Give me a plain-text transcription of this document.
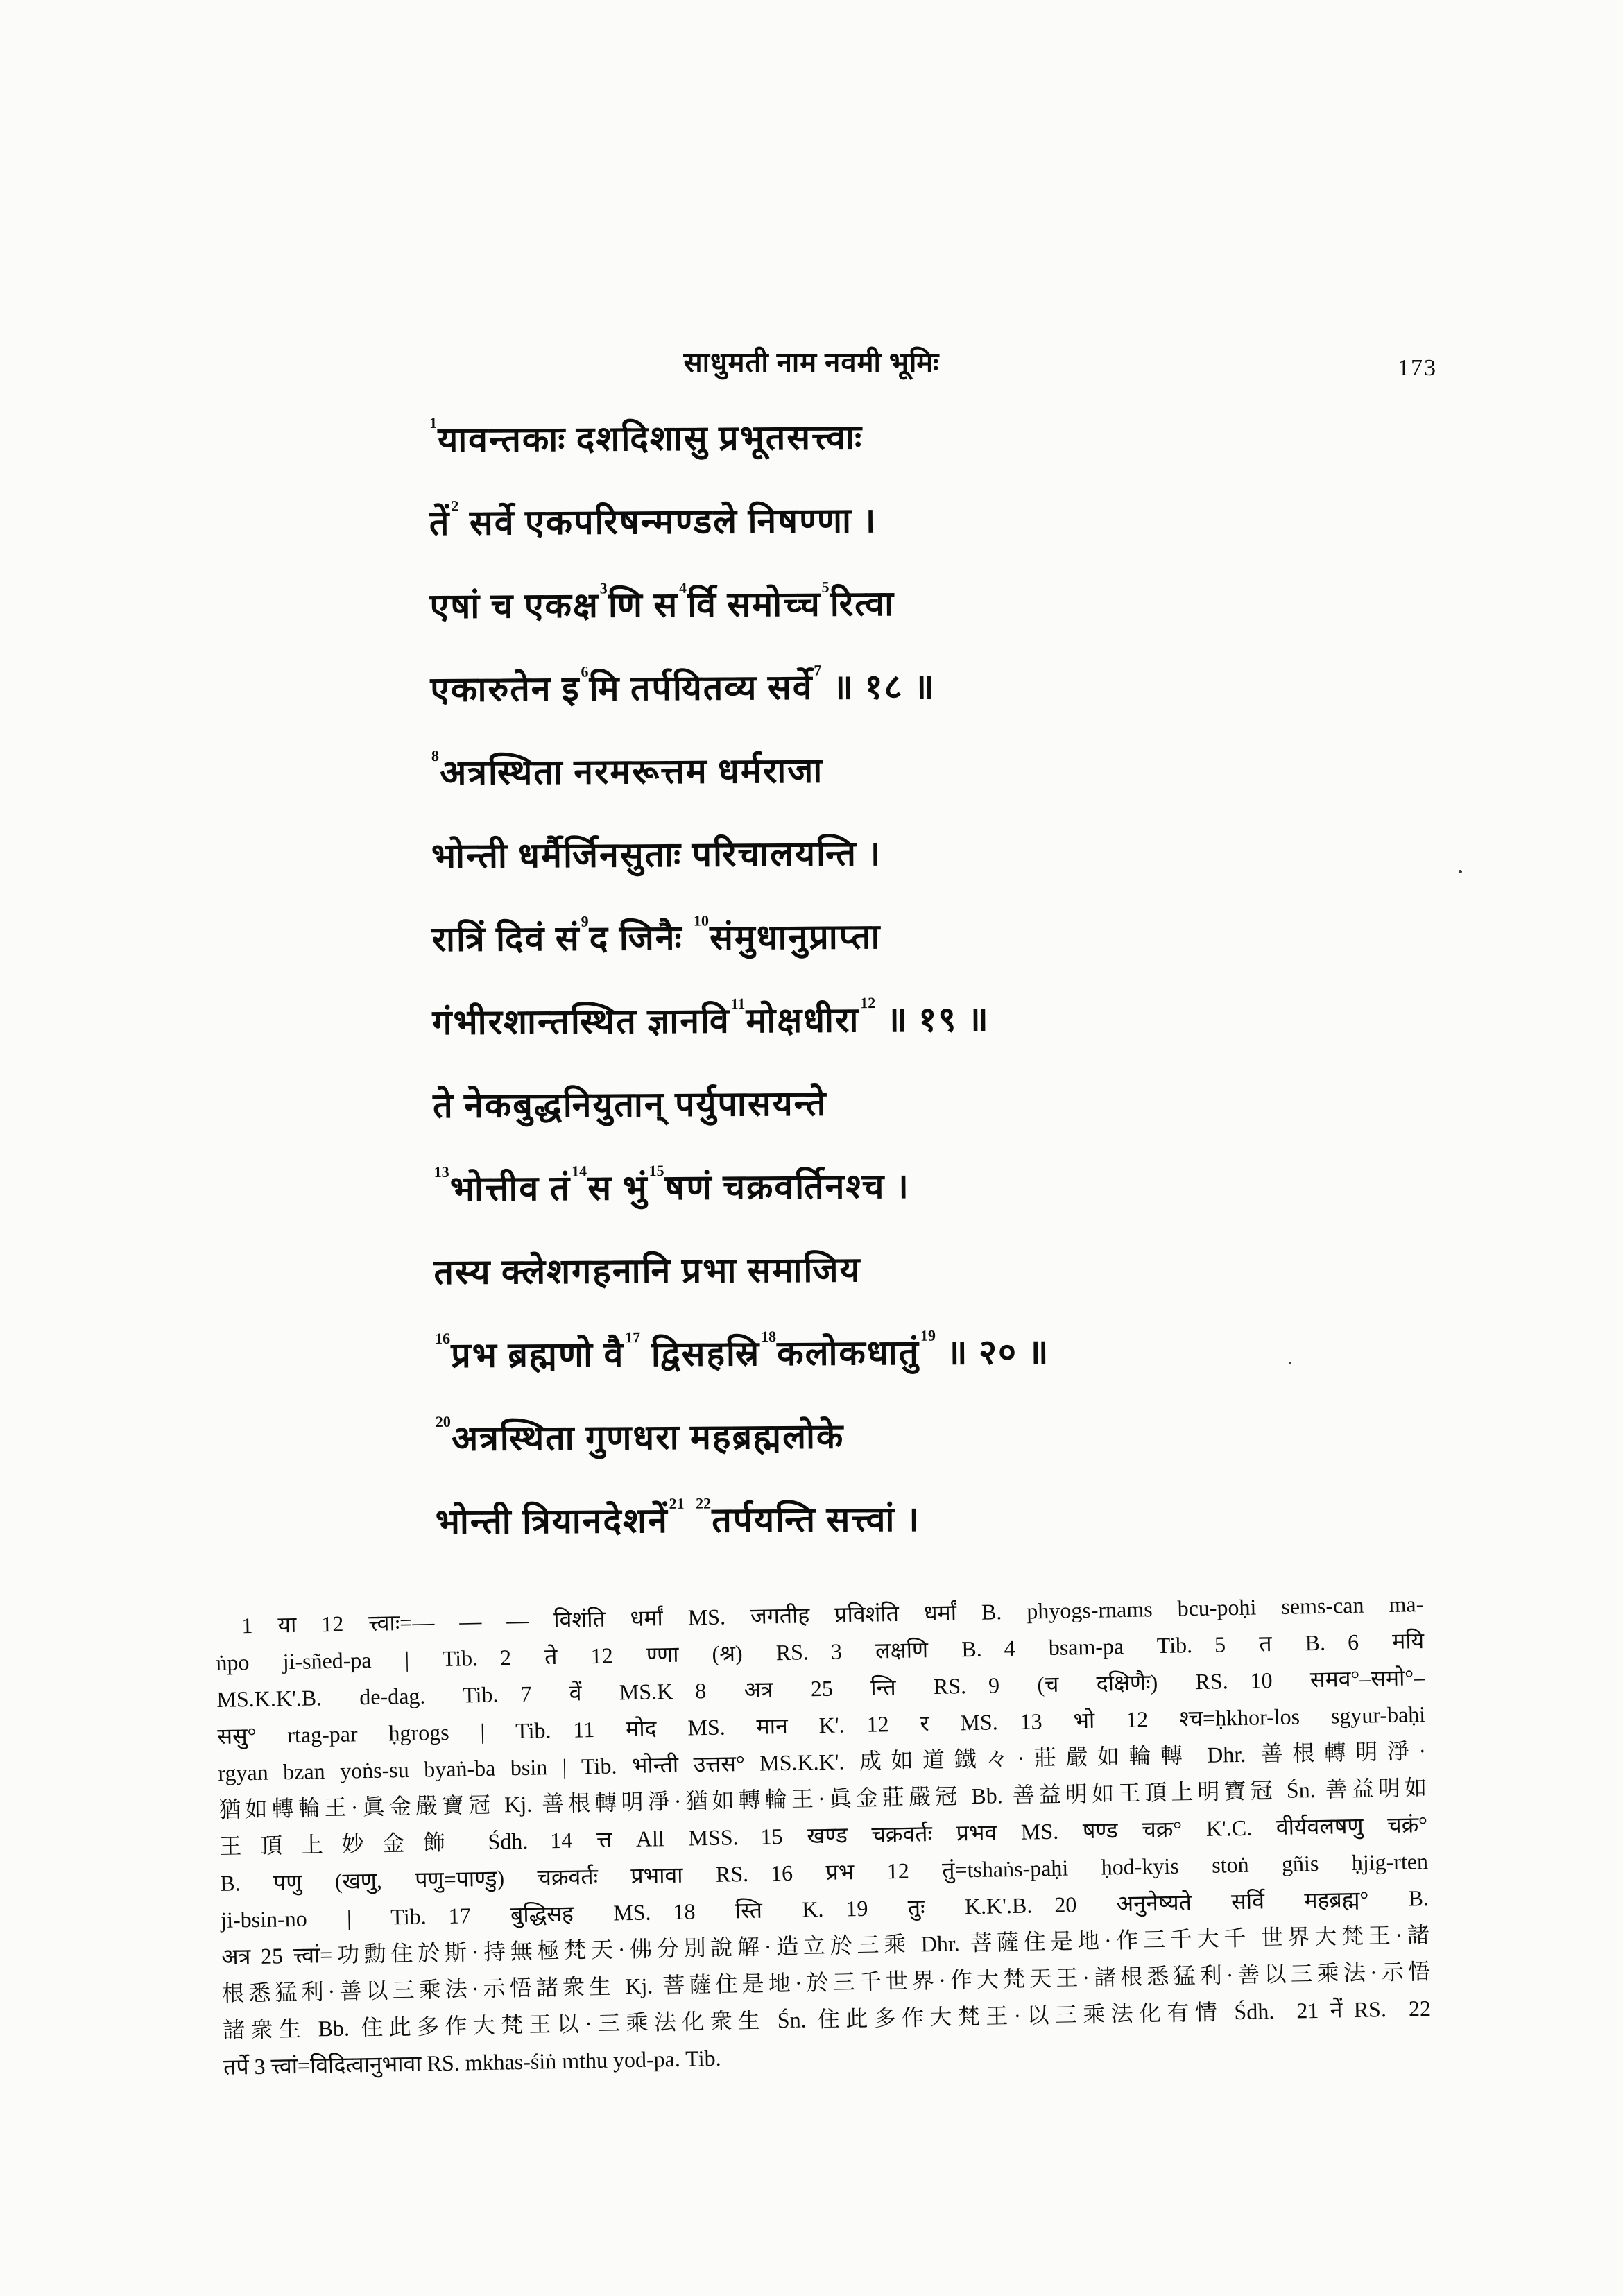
साधुमती नाम नवमी भूमिः	173
$^1$यावन्तकाः दशदिशासु प्रभूतसत्त्वाः
तें$^2$ सर्वे एकपरिषन्मण्डले निषण्णा ।
एषां च एकक्ष$^3$णि स$^4$र्वि समोच्च$^5$रित्वा
एकारुतेन इ$^6$मि तर्पयितव्य सर्वे$^7$ ॥ १८ ॥
$^8$अत्रस्थिता नरमरूत्तम धर्मराजा
भोन्ती धर्मैर्जिनसुताः परिचालयन्ति ।
रात्रिं दिवं सं$^9$द जिनैः $^{10}$संमुधानुप्राप्ता
गंभीरशान्तस्थित ज्ञानवि$^{11}$मोक्षधीरा$^{12}$ ॥ १९ ॥
ते नेकबुद्धनियुतान् पर्युपासयन्ते
$^{13}$भोत्तीव तं$^{14}$स भुं$^{15}$षणं चक्रवर्तिनश्च ।
तस्य क्लेशगहनानि प्रभा समाजिय
$^{16}$प्रभ ब्रह्मणो वै$^{17}$ द्विसहस्रि$^{18}$कलोकधातुं$^{19}$ ॥ २० ॥
$^{20}$अत्रस्थिता गुणधरा महब्रह्मलोके
भोन्ती त्रियानदेशनें$^{21}$ $^{22}$तर्पयन्ति सत्त्वां ।
1 या 12 त्त्वाः=— — — विशंति धर्मां MS. जगतीह प्रविशंति धर्मां B. phyogs-rnams bcu-poḥi sems-can ma-
ṅpo ji-sñed-pa | Tib. 2 ते 12 ण्णा (श्र) RS. 3 लक्षणि B. 4 bsam-pa Tib. 5 त B. 6 मयि
MS.K.K'.B. de-dag. Tib. 7 वें MS.K 8 अत्र 25 न्ति RS. 9 (च दक्षिणैः) RS. 10 समव°–समो°–
ससु° rtag-par ḥgrogs | Tib. 11 मोद MS. मान K'. 12 र MS. 13 भो 12 श्च=ḥkhor-los sgyur-baḥi
rgyan bzan yoṅs-su byaṅ-ba bsin | Tib. भोन्ती उत्तस° MS.K.K'. 成如道鐵々·莊嚴如輪轉 Dhr. 善根轉明淨·
猶如轉輪王·眞金嚴寶冠 Kj. 善根轉明淨·猶如轉輪王·眞金莊嚴冠 Bb. 善益明如王頂上明寶冠 Śn. 善益明如
王頂上妙金飾 Śdh. 14 त्त All MSS. 15 खण्ड चक्रवर्तः प्रभव MS. षण्ड चक्र° K'.C. वीर्यवलषणु चक्रं°
B. पणु (खणु, पणु=पाण्डु) चक्रवर्तः प्रभावा RS. 16 प्रभ 12 तुं=tshaṅs-paḥi ḥod-kyis stoṅ gñis ḥjig-rten
ji-bsin-no | Tib. 17 बुद्धिसह MS. 18 स्ति K. 19 तुः K.K'.B. 20 अनुनेष्यते सर्वि महब्रह्म° B.
अत्र 25 त्त्वां=功勳住於斯·持無極梵天·佛分別說解·造立於三乘 Dhr. 菩薩住是地·作三千大千 世界大梵王·諸
根悉猛利·善以三乘法·示悟諸衆生 Kj. 菩薩住是地·於三千世界·作大梵天王·諸根悉猛利·善以三乘法·示悟
諸衆生 Bb. 住此多作大梵王以·三乘法化衆生 Śn. 住此多作大梵王·以三乘法化有情 Śdh. 21 नें RS. 22
तर्पे 3 त्त्वां=विदित्वानुभावा RS. mkhas-śiṅ mthu yod-pa. Tib.
